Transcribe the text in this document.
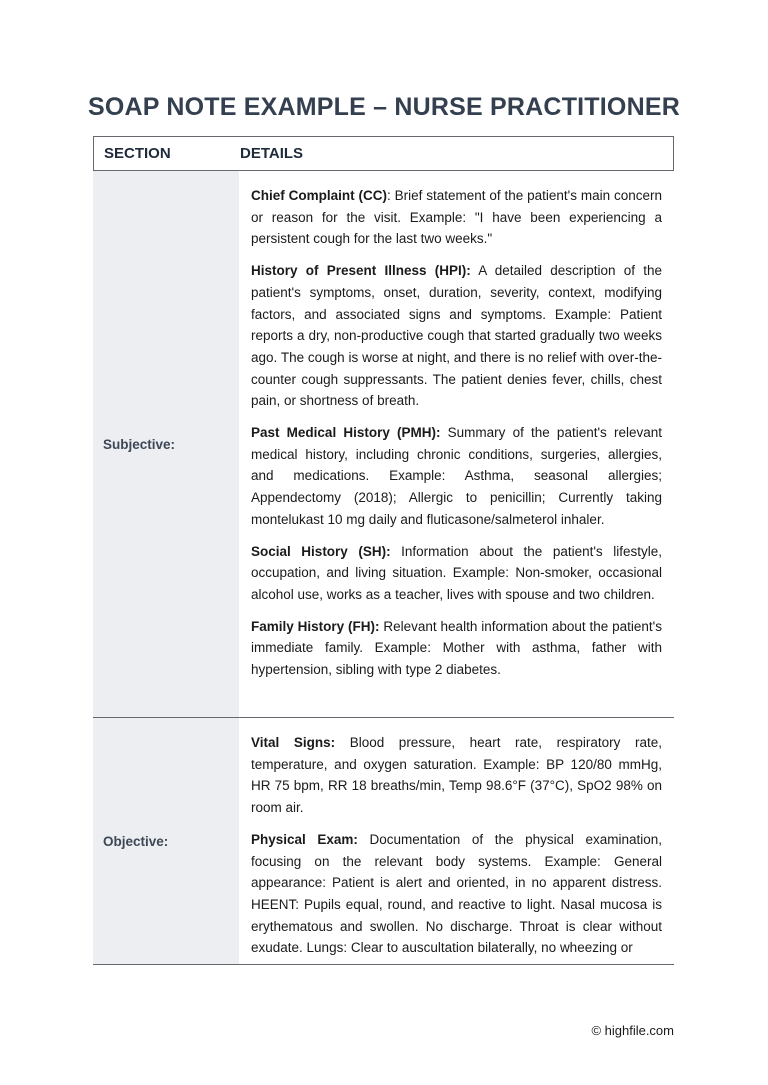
SOAP NOTE EXAMPLE – NURSE PRACTITIONER
SECTION	DETAILS
Subjective:

Chief Complaint (CC): Brief statement of the patient's main concern or reason for the visit. Example: "I have been experiencing a persistent cough for the last two weeks."

History of Present Illness (HPI): A detailed description of the patient's symptoms, onset, duration, severity, context, modifying factors, and associated signs and symptoms. Example: Patient reports a dry, non-productive cough that started gradually two weeks ago. The cough is worse at night, and there is no relief with over-the-counter cough suppressants. The patient denies fever, chills, chest pain, or shortness of breath.

Past Medical History (PMH): Summary of the patient's relevant medical history, including chronic conditions, surgeries, allergies, and medications. Example: Asthma, seasonal allergies; Appendectomy (2018); Allergic to penicillin; Currently taking montelukast 10 mg daily and fluticasone/salmeterol inhaler.

Social History (SH): Information about the patient's lifestyle, occupation, and living situation. Example: Non-smoker, occasional alcohol use, works as a teacher, lives with spouse and two children.

Family History (FH): Relevant health information about the patient's immediate family. Example: Mother with asthma, father with hypertension, sibling with type 2 diabetes.

Objective:

Vital Signs: Blood pressure, heart rate, respiratory rate, temperature, and oxygen saturation. Example: BP 120/80 mmHg, HR 75 bpm, RR 18 breaths/min, Temp 98.6°F (37°C), SpO2 98% on room air.

Physical Exam: Documentation of the physical examination, focusing on the relevant body systems. Example: General appearance: Patient is alert and oriented, in no apparent distress. HEENT: Pupils equal, round, and reactive to light. Nasal mucosa is erythematous and swollen. No discharge. Throat is clear without exudate. Lungs: Clear to auscultation bilaterally, no wheezing or

© highfile.com
